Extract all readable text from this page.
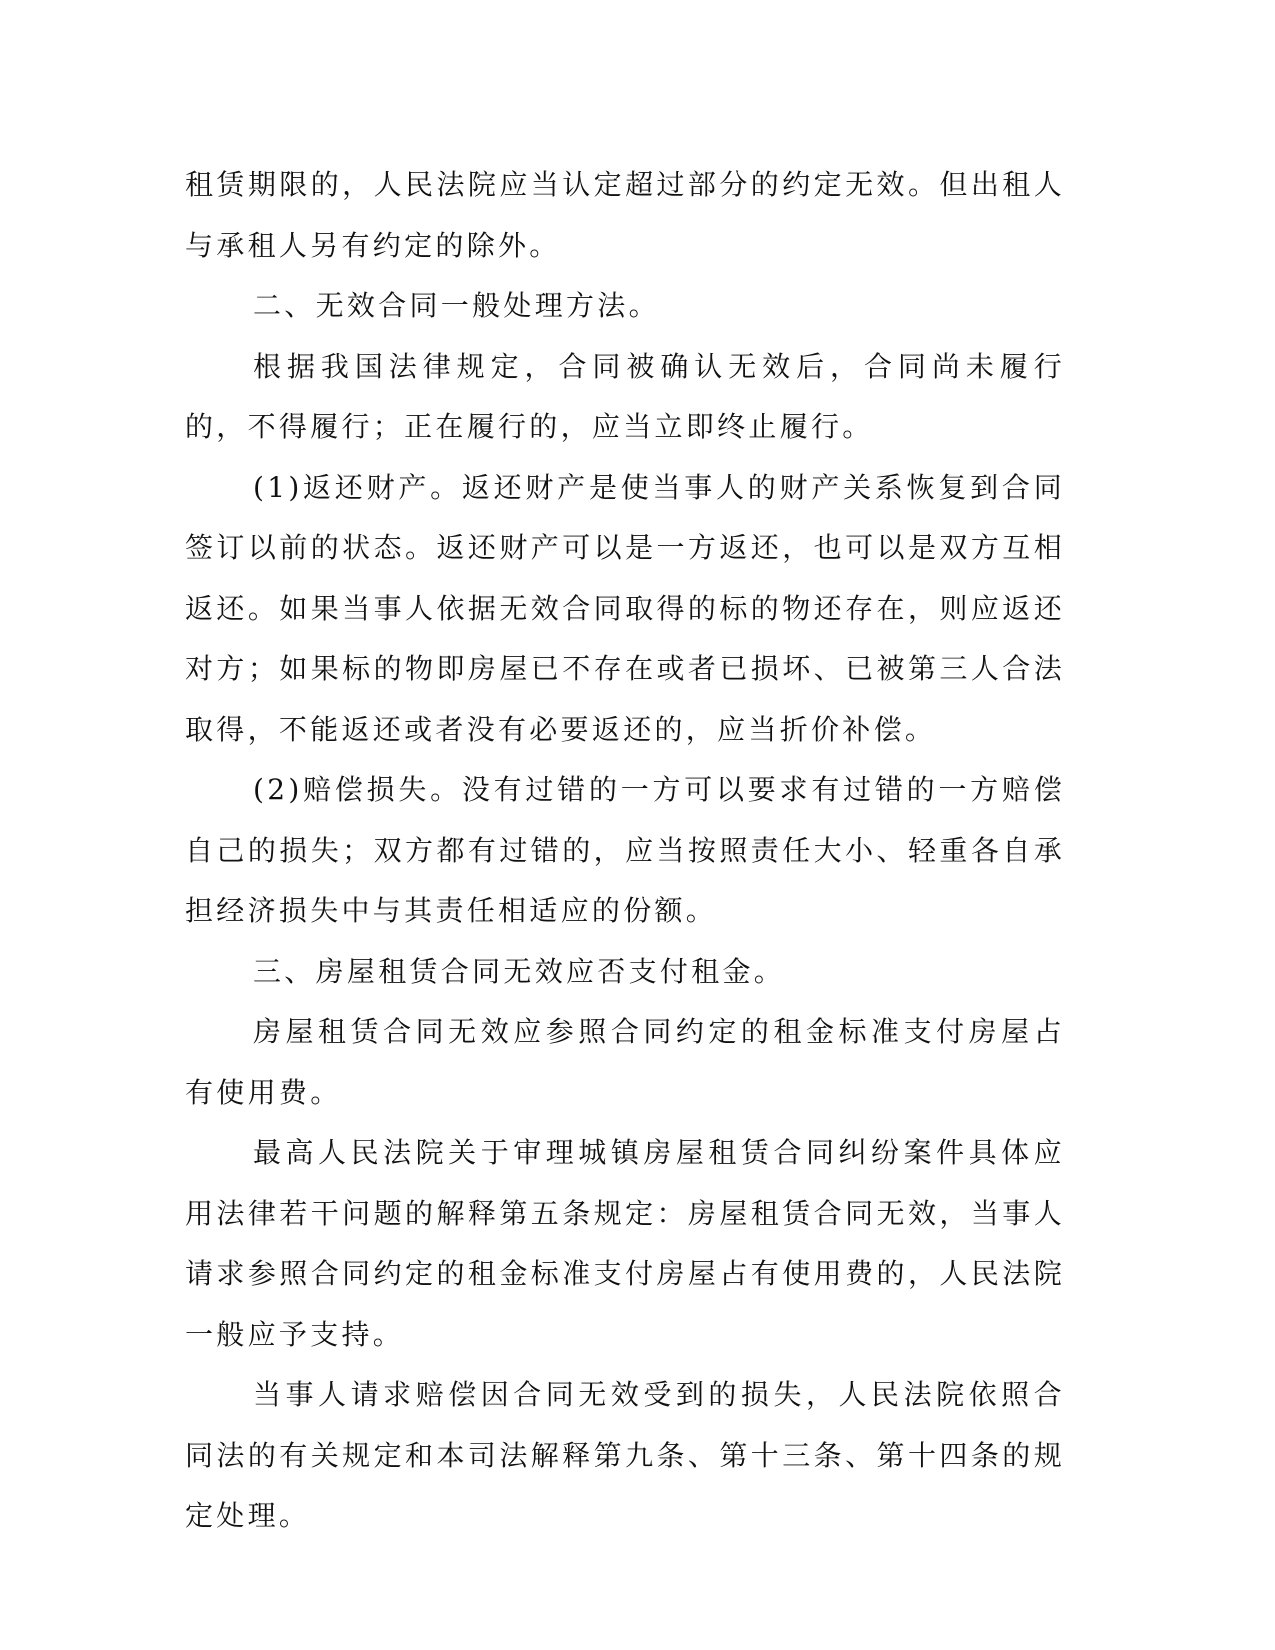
租赁期限的，人民法院应当认定超过部分的约定无效。但出租人与承租人另有约定的除外。

二、无效合同一般处理方法。

根据我国法律规定，合同被确认无效后，合同尚未履行的，不得履行；正在履行的，应当立即终止履行。

(1)返还财产。返还财产是使当事人的财产关系恢复到合同签订以前的状态。返还财产可以是一方返还，也可以是双方互相返还。如果当事人依据无效合同取得的标的物还存在，则应返还对方；如果标的物即房屋已不存在或者已损坏、已被第三人合法取得，不能返还或者没有必要返还的，应当折价补偿。

(2)赔偿损失。没有过错的一方可以要求有过错的一方赔偿自己的损失；双方都有过错的，应当按照责任大小、轻重各自承担经济损失中与其责任相适应的份额。

三、房屋租赁合同无效应否支付租金。

房屋租赁合同无效应参照合同约定的租金标准支付房屋占有使用费。

最高人民法院关于审理城镇房屋租赁合同纠纷案件具体应用法律若干问题的解释第五条规定：房屋租赁合同无效，当事人请求参照合同约定的租金标准支付房屋占有使用费的，人民法院一般应予支持。

当事人请求赔偿因合同无效受到的损失，人民法院依照合同法的有关规定和本司法解释第九条、第十三条、第十四条的规定处理。
